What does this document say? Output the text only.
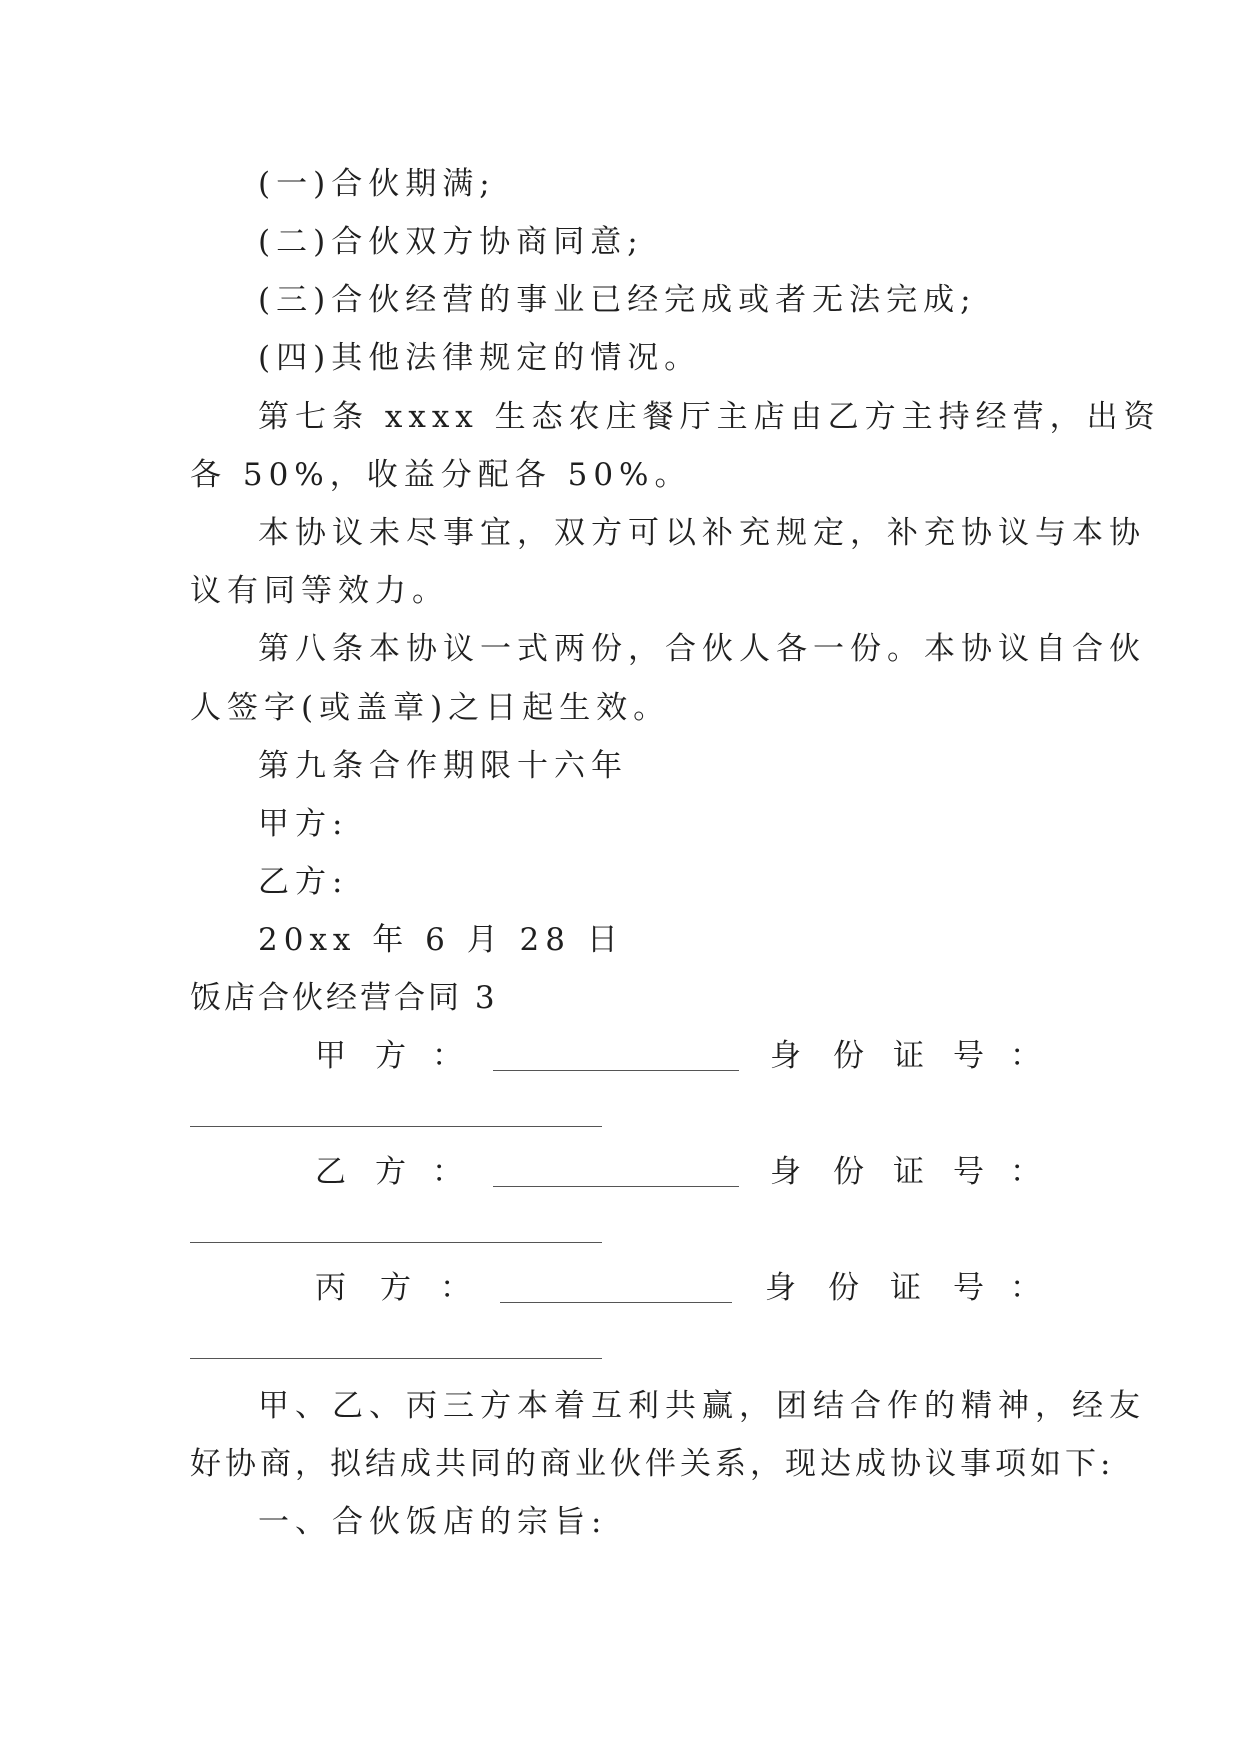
(一)合伙期满;
(二)合伙双方协商同意;
(三)合伙经营的事业已经完成或者无法完成;
(四)其他法律规定的情况。
第七条 xxxx 生态农庄餐厅主店由乙方主持经营，出资
各 50%，收益分配各 50%。
本协议未尽事宜，双方可以补充规定，补充协议与本协
议有同等效力。
第八条本协议一式两份，合伙人各一份。本协议自合伙
人签字(或盖章)之日起生效。
第九条合作期限十六年
甲方:
乙方:
20xx 年 6 月 28 日
饭店合伙经营合同 3
甲 方 ：	身 份 证 号 ：
乙 方 ：	身 份 证 号 ：
丙 方 ：	身 份 证 号 ：
甲、乙、丙三方本着互利共赢，团结合作的精神，经友
好协商，拟结成共同的商业伙伴关系，现达成协议事项如下:
一、合伙饭店的宗旨:
